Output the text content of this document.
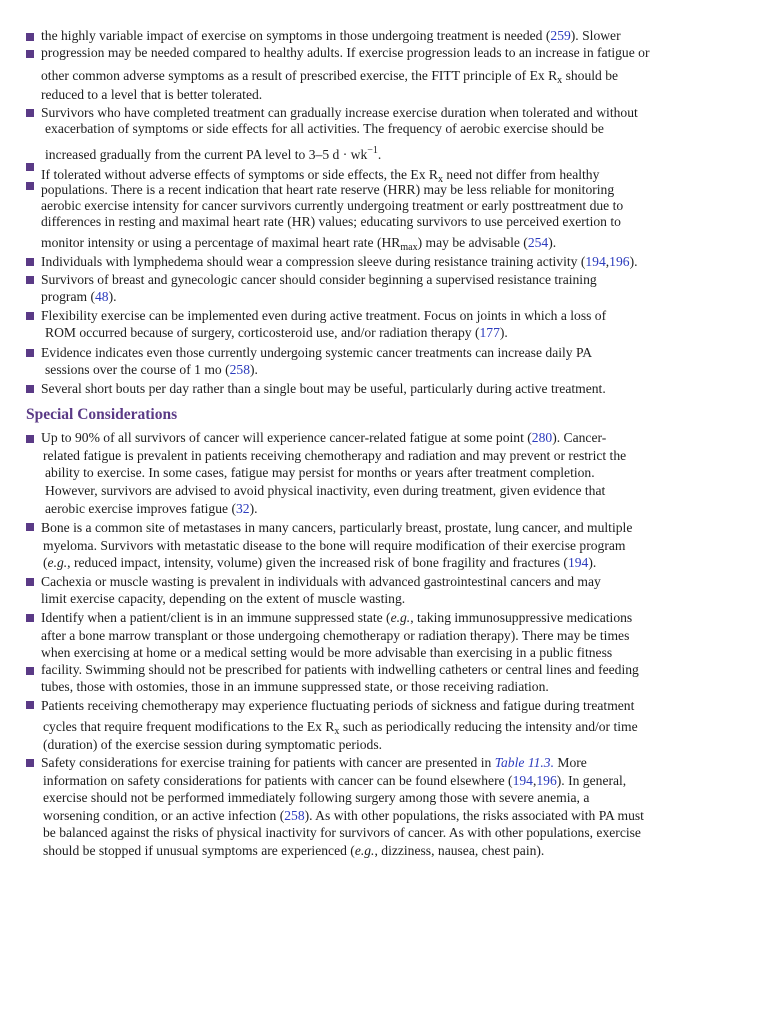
Special Considerations
the highly variable impact of exercise on symptoms in those undergoing treatment is needed (259). Slower
progression may be needed compared to healthy adults. If exercise progression leads to an increase in fatigue or
other common adverse symptoms as a result of prescribed exercise, the FITT principle of Ex $R_x$ should be
reduced to a level that is better tolerated.
Survivors who have completed treatment can gradually increase exercise duration when tolerated and without
exacerbation of symptoms or side effects for all activities. The frequency of aerobic exercise should be
increased gradually from the current PA level to 3–5 $d \cdot wk^{-1}$.
If tolerated without adverse effects of symptoms or side effects, the Ex $R_x$ need not differ from healthy
populations. There is a recent indication that heart rate reserve (HRR) may be less reliable for monitoring
aerobic exercise intensity for cancer survivors currently undergoing treatment or early posttreatment due to
differences in resting and maximal heart rate (HR) values; educating survivors to use perceived exertion to
monitor intensity or using a percentage of maximal heart rate $(HR_{max})$ may be advisable (254).
Individuals with lymphedema should wear a compression sleeve during resistance training activity (194,196).
Survivors of breast and gynecologic cancer should consider beginning a supervised resistance training
program (48).
Flexibility exercise can be implemented even during active treatment. Focus on joints in which a loss of
ROM occurred because of surgery, corticosteroid use, and/or radiation therapy (177).
Evidence indicates even those currently undergoing systemic cancer treatments can increase daily PA
sessions over the course of 1 mo (258).
Several short bouts per day rather than a single bout may be useful, particularly during active treatment.
Up to 90% of all survivors of cancer will experience cancer-related fatigue at some point (280). Cancer-
related fatigue is prevalent in patients receiving chemotherapy and radiation and may prevent or restrict the
ability to exercise. In some cases, fatigue may persist for months or years after treatment completion.
However, survivors are advised to avoid physical inactivity, even during treatment, given evidence that
aerobic exercise improves fatigue (32).
Bone is a common site of metastases in many cancers, particularly breast, prostate, lung cancer, and multiple
myeloma. Survivors with metastatic disease to the bone will require modification of their exercise program
(e.g., reduced impact, intensity, volume) given the increased risk of bone fragility and fractures (194).
Cachexia or muscle wasting is prevalent in individuals with advanced gastrointestinal cancers and may
limit exercise capacity, depending on the extent of muscle wasting.
Identify when a patient/client is in an immune suppressed state (e.g., taking immunosuppressive medications
after a bone marrow transplant or those undergoing chemotherapy or radiation therapy). There may be times
when exercising at home or a medical setting would be more advisable than exercising in a public fitness
facility. Swimming should not be prescribed for patients with indwelling catheters or central lines and feeding
tubes, those with ostomies, those in an immune suppressed state, or those receiving radiation.
Patients receiving chemotherapy may experience fluctuating periods of sickness and fatigue during treatment
cycles that require frequent modifications to the Ex $R_x$ such as periodically reducing the intensity and/or time
(duration) of the exercise session during symptomatic periods.
Safety considerations for exercise training for patients with cancer are presented in Table 11.3. More
information on safety considerations for patients with cancer can be found elsewhere (194,196). In general,
exercise should not be performed immediately following surgery among those with severe anemia, a
worsening condition, or an active infection (258). As with other populations, the risks associated with PA must
be balanced against the risks of physical inactivity for survivors of cancer. As with other populations, exercise
should be stopped if unusual symptoms are experienced (e.g., dizziness, nausea, chest pain).
